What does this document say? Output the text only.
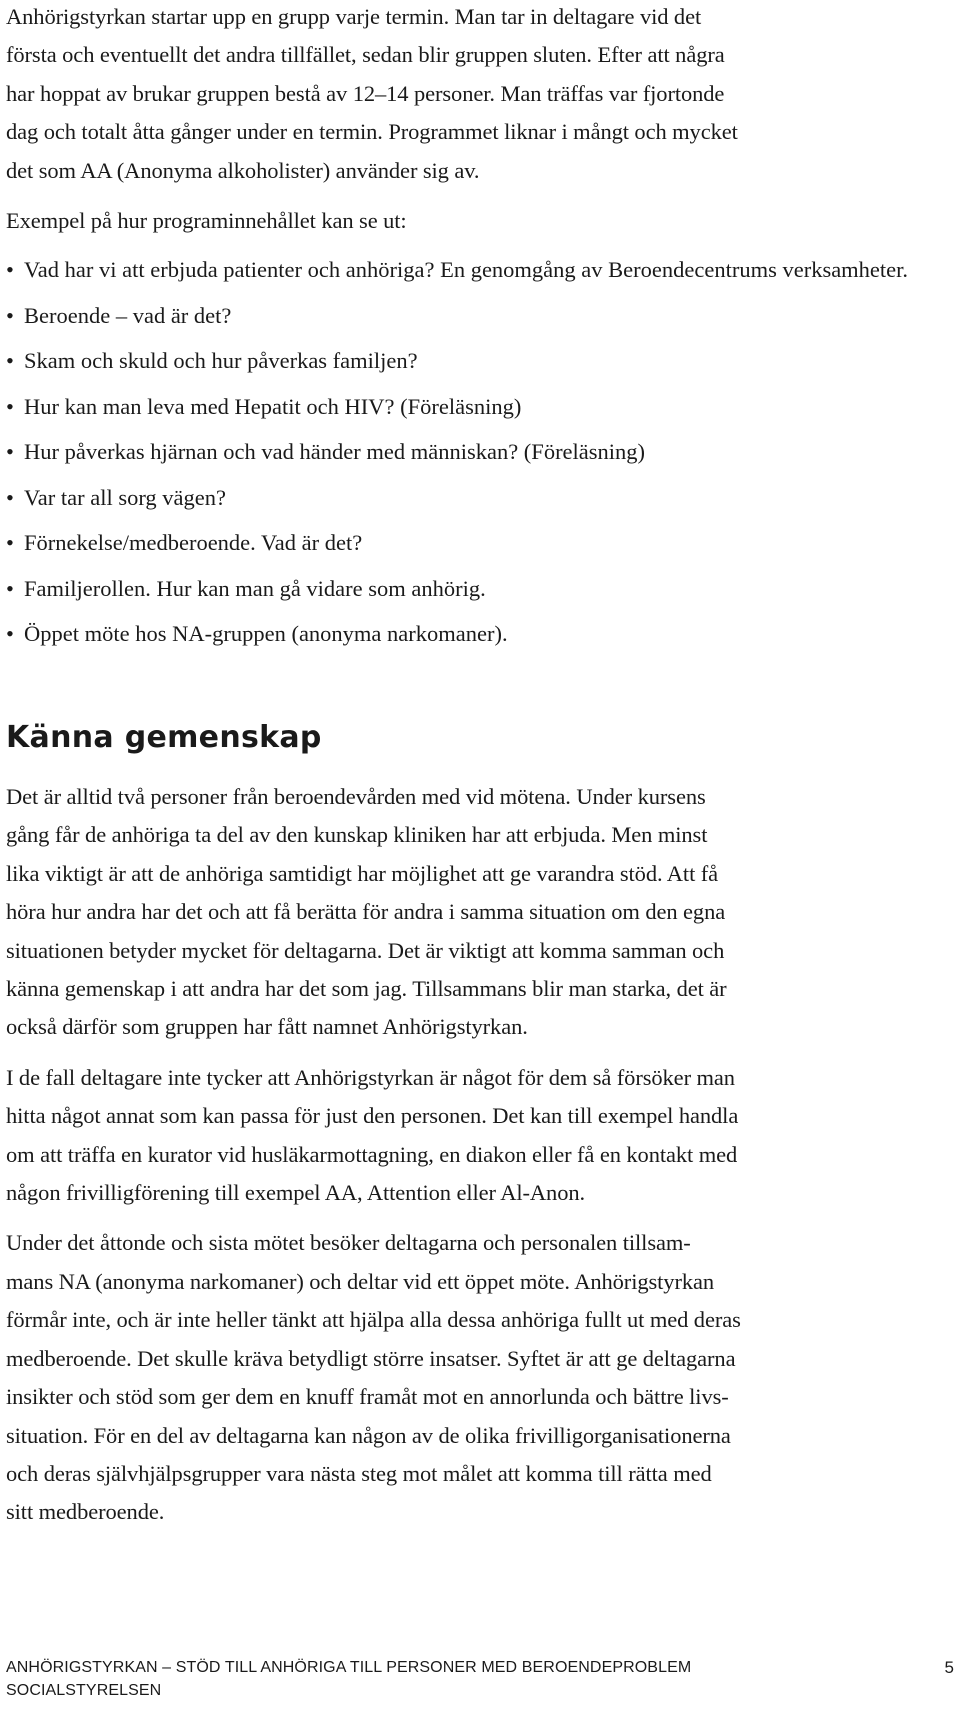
Anhörigstyrkan startar upp en grupp varje termin. Man tar in deltagare vid det
första och eventuellt det andra tillfället, sedan blir gruppen sluten. Efter att några
har hoppat av brukar gruppen bestå av 12–14 personer. Man träffas var fjortonde
dag och totalt åtta gånger under en termin. Programmet liknar i mångt och mycket
det som AA (Anonyma alkoholister) använder sig av.

Exempel på hur programinnehållet kan se ut:

• Vad har vi att erbjuda patienter och anhöriga? En genomgång av Beroendecentrums verksamheter.
• Beroende – vad är det?
• Skam och skuld och hur påverkas familjen?
• Hur kan man leva med Hepatit och HIV? (Föreläsning)
• Hur påverkas hjärnan och vad händer med människan? (Föreläsning)
• Var tar all sorg vägen?
• Förnekelse/medberoende. Vad är det?
• Familjerollen. Hur kan man gå vidare som anhörig.
• Öppet möte hos NA-gruppen (anonyma narkomaner).
Känna gemenskap

Det är alltid två personer från beroendevården med vid mötena. Under kursens
gång får de anhöriga ta del av den kunskap kliniken har att erbjuda. Men minst
lika viktigt är att de anhöriga samtidigt har möjlighet att ge varandra stöd. Att få
höra hur andra har det och att få berätta för andra i samma situation om den egna
situationen betyder mycket för deltagarna. Det är viktigt att komma samman och
känna gemenskap i att andra har det som jag. Tillsammans blir man starka, det är
också därför som gruppen har fått namnet Anhörigstyrkan.

I de fall deltagare inte tycker att Anhörigstyrkan är något för dem så försöker man
hitta något annat som kan passa för just den personen. Det kan till exempel handla
om att träffa en kurator vid husläkarmottagning, en diakon eller få en kontakt med
någon frivilligförening till exempel AA, Attention eller Al-Anon.

Under det åttonde och sista mötet besöker deltagarna och personalen tillsam-
mans NA (anonyma narkomaner) och deltar vid ett öppet möte. Anhörigstyrkan
förmår inte, och är inte heller tänkt att hjälpa alla dessa anhöriga fullt ut med deras
medberoende. Det skulle kräva betydligt större insatser. Syftet är att ge deltagarna
insikter och stöd som ger dem en knuff framåt mot en annorlunda och bättre livs-
situation. För en del av deltagarna kan någon av de olika frivilligorganisationerna
och deras självhjälpsgrupper vara nästa steg mot målet att komma till rätta med
sitt medberoende.

ANHÖRIGSTYRKAN – STÖD TILL ANHÖRIGA TILL PERSONER MED BEROENDEPROBLEM
SOCIALSTYRELSEN
5
